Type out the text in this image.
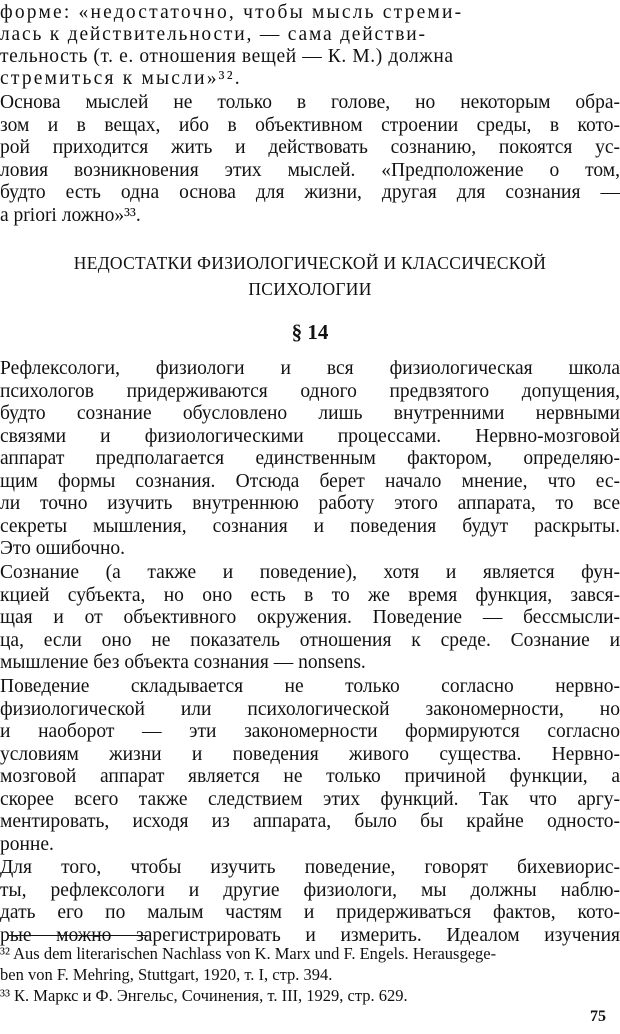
форме: «недостаточно, чтобы мысль стреми-

лась к действительности, — сама действи-

тельность (т. е. отношения вещей — К. М.) должна

стремиться к мысли»³².

Основа мыслей не только в голове, но некоторым обра-
зом и в вещах, ибо в объективном строении среды, в кото-
рой приходится жить и действовать сознанию, покоятся ус-
ловия возникновения этих мыслей. «Предположение о том,
будто есть одна основа для жизни, другая для сознания —
a priori ложно»³³.
НЕДОСТАТКИ ФИЗИОЛОГИЧЕСКОЙ И КЛАССИЧЕСКОЙ
ПСИХОЛОГИИ
§ 14
Рефлексологи, физиологи и вся физиологическая школа
психологов придерживаются одного предвзятого допущения,
будто сознание обусловлено лишь внутренними нервными
связями и физиологическими процессами. Нервно-мозговой
аппарат предполагается единственным фактором, определяю-
щим формы сознания. Отсюда берет начало мнение, что ес-
ли точно изучить внутреннюю работу этого аппарата, то все
секреты мышления, сознания и поведения будут раскрыты.
Это ошибочно.
Сознание (а также и поведение), хотя и является фун-
кцией субъекта, но оно есть в то же время функция, зався-
щая и от объективного окружения. Поведение — бессмысли-
ца, если оно не показатель отношения к среде. Сознание и
мышление без объекта сознания — nonsens.
Поведение складывается не только согласно нервно-
физиологической или психологической закономерности, но
и наоборот — эти закономерности формируются согласно
условиям жизни и поведения живого существа. Нервно-
мозговой аппарат является не только причиной функции, а
скорее всего также следствием этих функций. Так что аргу-
ментировать, исходя из аппарата, было бы крайне односто-
ронне.
Для того, чтобы изучить поведение, говорят бихевиорис-
ты, рефлексологи и другие физиологи, мы должны наблю-
дать его по малым частям и придерживаться фактов, кото-
рые можно зарегистрировать и измерить. Идеалом изучения

³² Aus dem literarischen Nachlass von K. Marx und F. Engels. Herausgege-

ben von F. Mehring, Stuttgart, 1920, т. I, стр. 394.

³³ К. Маркс и Ф. Энгельс, Сочинения, т. III, 1929, стр. 629.

75
